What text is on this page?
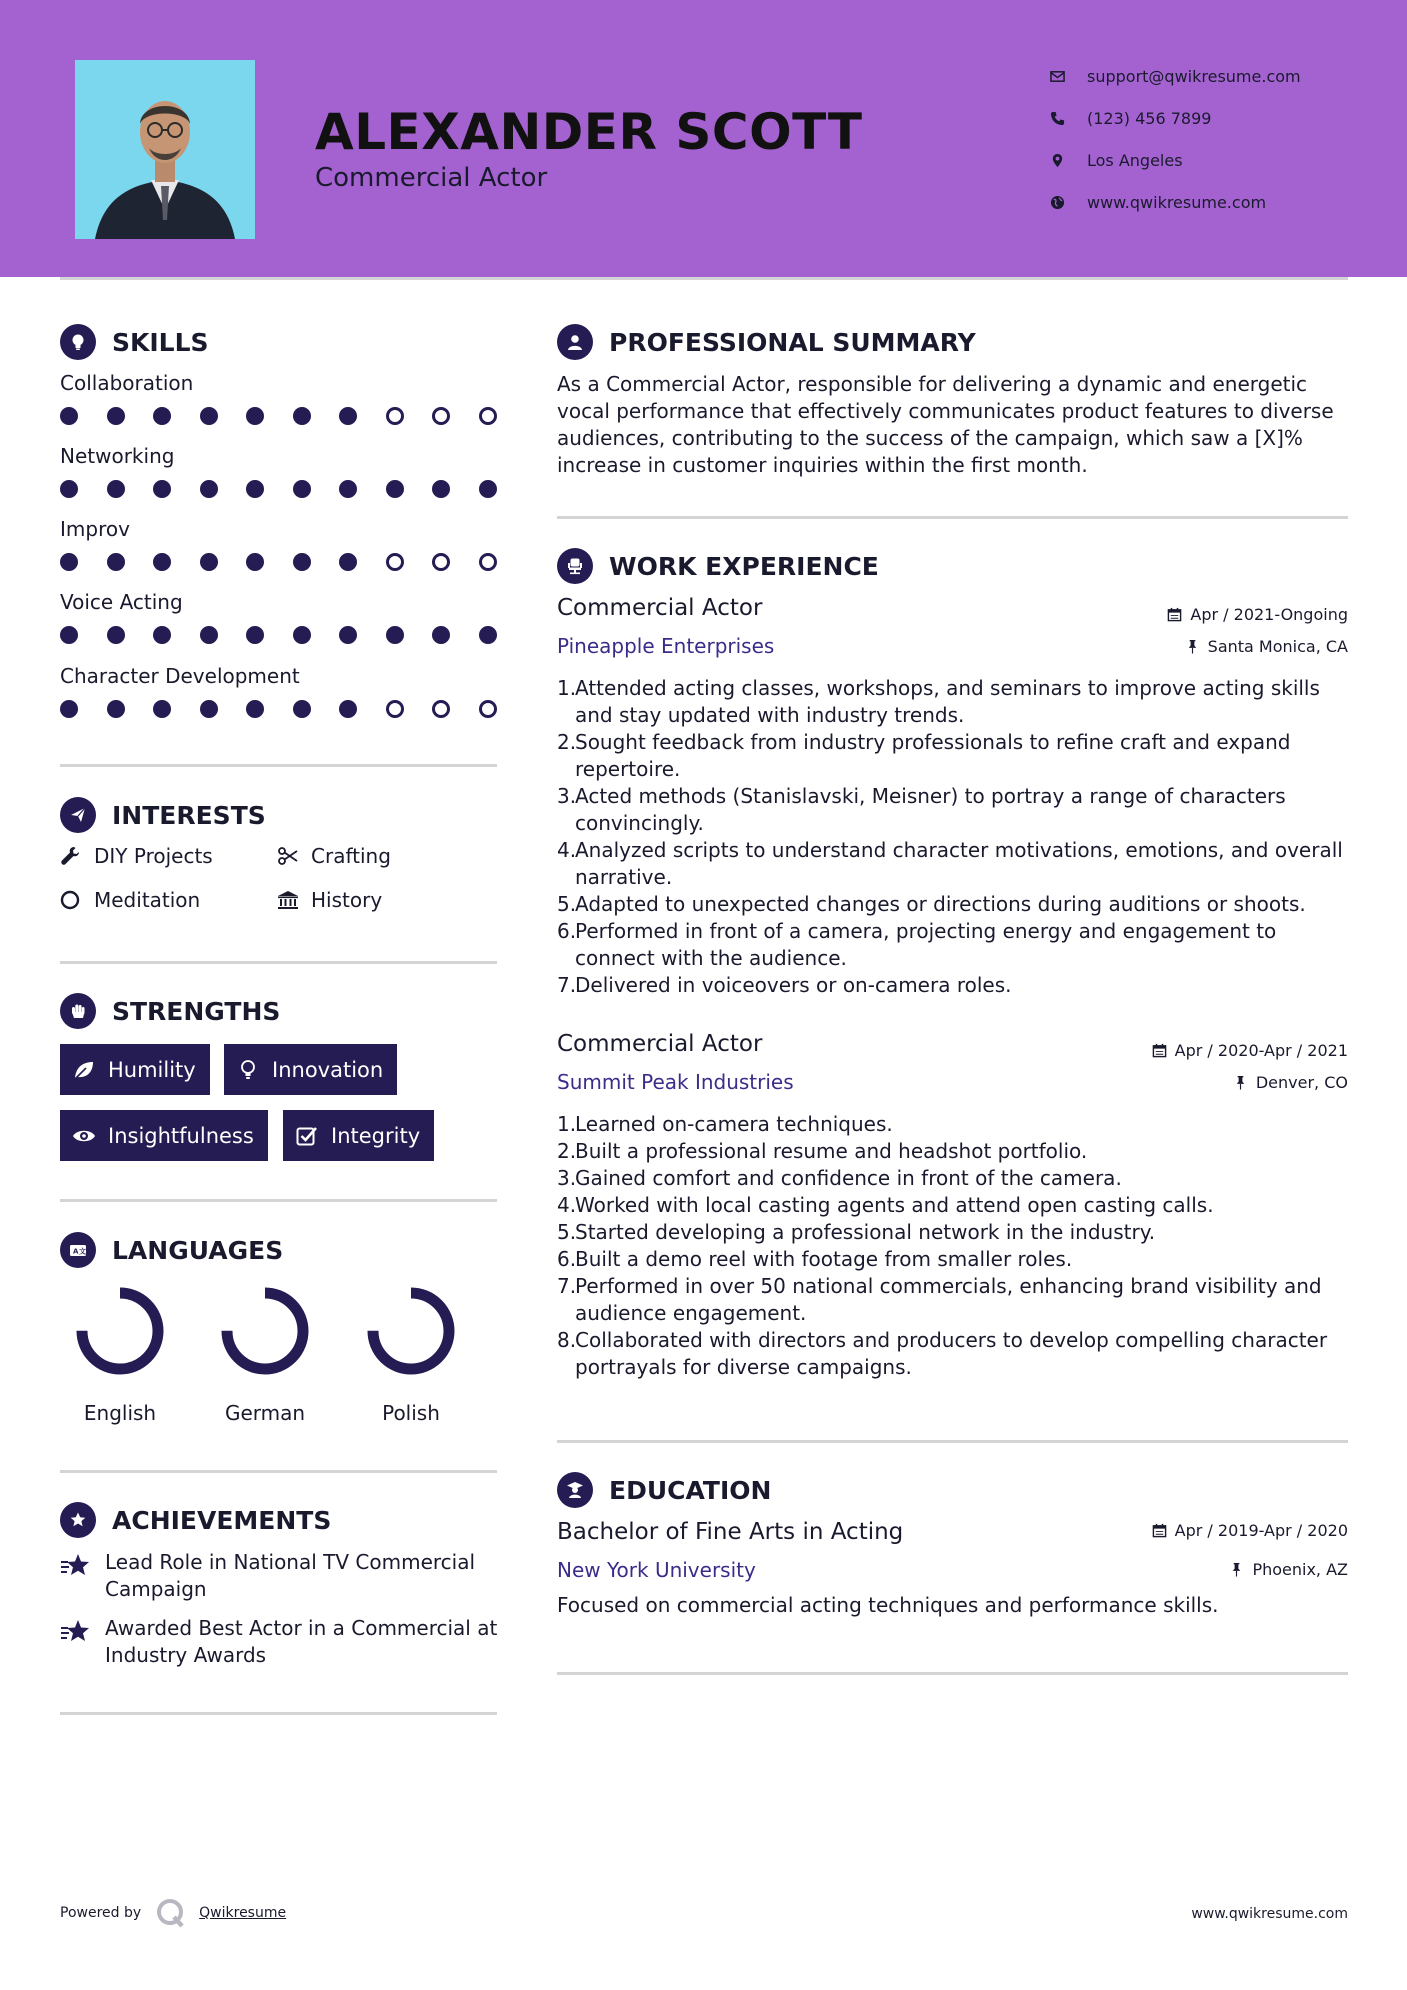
ALEXANDER SCOTT
Commercial Actor
support@qwikresume.com
(123) 456 7899
Los Angeles
www.qwikresume.com
SKILLS
Collaboration
Networking
Improv
Voice Acting
Character Development
INTERESTS
DIY Projects	Crafting
Meditation	History
STRENGTHS
Humility	Innovation
Insightfulness	Integrity
A 文 LANGUAGES
English	German	Polish
ACHIEVEMENTS
Lead Role in National TV Commercial Campaign
Awarded Best Actor in a Commercial at Industry Awards
PROFESSIONAL SUMMARY
As a Commercial Actor, responsible for delivering a dynamic and energetic vocal performance that effectively communicates product features to diverse audiences, contributing to the success of the campaign, which saw a [X]% increase in customer inquiries within the first month.
WORK EXPERIENCE
Commercial Actor	Apr / 2021-Ongoing
Pineapple Enterprises	Santa Monica, CA
1.
Attended acting classes, workshops, and seminars to improve acting skills and stay updated with industry trends.
2.
Sought feedback from industry professionals to refine craft and expand repertoire.
3.
Acted methods (Stanislavski, Meisner) to portray a range of characters convincingly.
4.
Analyzed scripts to understand character motivations, emotions, and overall narrative.
5.
Adapted to unexpected changes or directions during auditions or shoots.
6.
Performed in front of a camera, projecting energy and engagement to connect with the audience.
7.
Delivered in voiceovers or on-camera roles.
Commercial Actor	Apr / 2020-Apr / 2021
Summit Peak Industries	Denver, CO
1.
Learned on-camera techniques.
2.
Built a professional resume and headshot portfolio.
3.
Gained comfort and confidence in front of the camera.
4.
Worked with local casting agents and attend open casting calls.
5.
Started developing a professional network in the industry.
6.
Built a demo reel with footage from smaller roles.
7.
Performed in over 50 national commercials, enhancing brand visibility and audience engagement.
8.
Collaborated with directors and producers to develop compelling character portrayals for diverse campaigns.
EDUCATION
Bachelor of Fine Arts in Acting	Apr / 2019-Apr / 2020
New York University	Phoenix, AZ
Focused on commercial acting techniques and performance skills.
Powered by	Qwikresume	www.qwikresume.com
